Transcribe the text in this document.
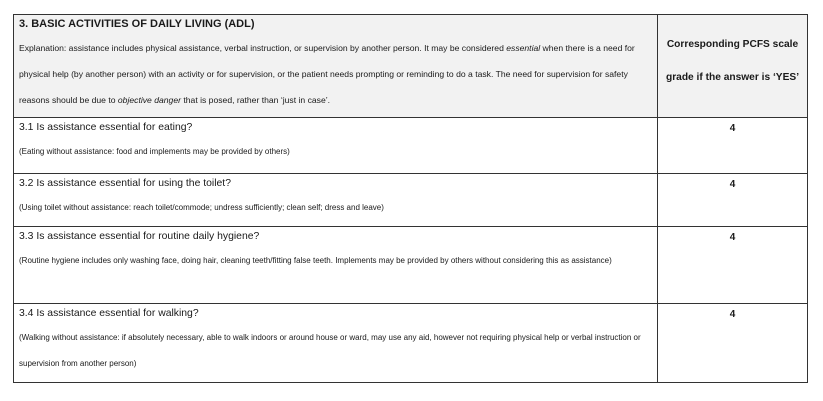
3. BASIC ACTIVITIES OF DAILY LIVING (ADL)

Explanation: assistance includes physical assistance, verbal instruction, or supervision by another person. It may be considered essential when there is a need for physical help (by another person) with an activity or for supervision, or the patient needs prompting or reminding to do a task. The need for supervision for safety reasons should be due to objective danger that is posed, rather than ‘just in case’.	Corresponding PCFS scale grade if the answer is ‘YES’

3.1 Is assistance essential for eating?

(Eating without assistance: food and implements may be provided by others)	4

3.2 Is assistance essential for using the toilet?

(Using toilet without assistance: reach toilet/commode; undress sufficiently; clean self; dress and leave)	4

3.3 Is assistance essential for routine daily hygiene?

(Routine hygiene includes only washing face, doing hair, cleaning teeth/fitting false teeth. Implements may be provided by others without considering this as assistance)	4

3.4 Is assistance essential for walking?

(Walking without assistance: if absolutely necessary, able to walk indoors or around house or ward, may use any aid, however not requiring physical help or verbal instruction or supervision from another person)	4
